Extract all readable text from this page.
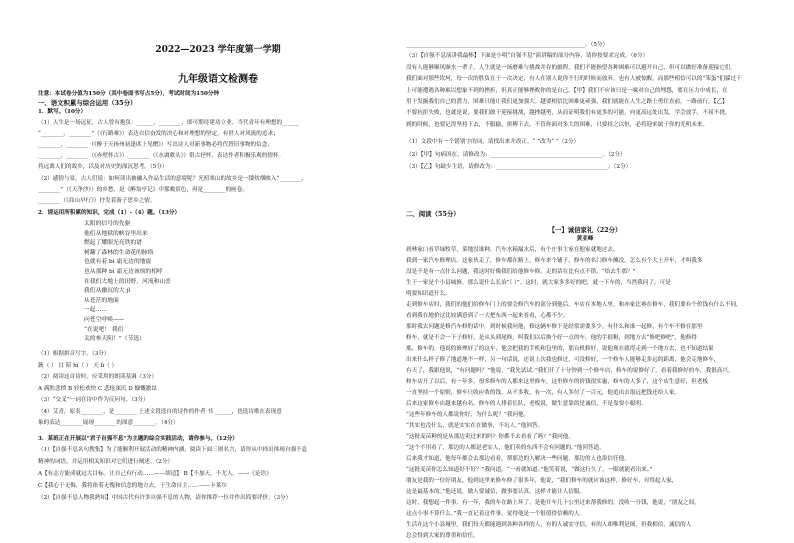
2022—2023 学年度第一学期
九年级语文检测卷
注意：本试卷分值为150分（其中卷面书写占5分），考试时间为150分钟
一、语文积累与综合运用（35分）
1．默写。（10分）
（1）人生是一场远征，古人曾有抱负：______，________，即可期待建功立业。当代青年有理想的______
“________，________”（《行路难》）表达自信奋发的决心和对理想的坚定，有世人对风流的追求；
________，________（《醉于天扬州初逢席上见赠》）写出诗人对新事物必将代替旧事物的信念，
________，________（《赤壁怀古》）________（《水调歌头》）借古抒怀，表达作者积极乐观的情怀。
将远离人们的故乡，以及对历史的深沉思考。（5分）
（2）感情与景，古人们说：如何读出被融入作品生活的意境呢？光照寒山的故乡是一缕炊烟映入“________，
________”（《天净沙》）的乡愁，是《醉翁亭记》中那晚景色，再是________的画卷，
________（《商山早行》）抒发着游子思乡之情。
2．请运用所积累的知识，完成（1）-（4）题。（13分）
太阳的信号的先驱
他们从地狱的峡谷里出来
燃起了耀眼光亮铁的谱
树翻了森林的生命花的脉络
也就有着 bì 霜无边的地震
也从那种 bì 霜无边该烦的相呼
在我们大地上的田野，河流和山峦
我们从幽沉的大 jǐ
从苍茫的地面
一起……
向苍空呼唤——
“在说吧！ 我们
关的参天阳！”（节选）
（1）根据拼音写字。（3分）
銃（ ） 目 陪 bì（ ） 天 lì（ ）
（2）阅读这首诗时，应采用的朗读基调（3分）
A 满腔悲愤 B 轻松欢快 C 悲怆深沉 D 慷慨激昂
（3）“交叉”一词在诗中作为反问句。（3分）
（4）艾青，原名________，是________ 上述文段选自的诗作的作者 书 ______，也选诗歌在表现意
象的表达________展现________的深意________。（4分）
3．某班正在开展以“君子自强不息”为主题的综合实践活动，请你参与。（12分）
（1）【自强不息名句搜集】为了能顺利开展活动的精神内涵，阅读下面三则名言，请你从中择出体现自强不息
精神的词语，并运用相关知识对它们进行阐述。（2分）
A【有志方能成就远大目标。让自己有行动……——胡适】 B【不加天，不尤人。——《论语》
C【我心于无悔，我将依着无愧和信念的地方去，于生命自主……——卡莱尔
（2）【自强不息人物我熟知】中国古代有许多自强不息的人物，请你推荐一位并作出简要评价。（3分）
________________________________________________________________。（5分）
（3）【自强不息演讲我最棒】下面是小明“自强不息”演讲稿的部分内容，请你按要求完成。（6分）
没有人能够顺风顺水一辈子，人生就是一场磨难与挑战并存的旅程，我们不能指望各种困难可以避开自己，但可以做好准备迎接它们。
我们面对那些坎坷，每一次的胜负在于一次决定，有人在别人说你不行的时候而放弃，也有人被惊醒，而那些相信可以的“笨蛋”们躲过千
上可能遭遇各种难以想象不到的挫折，但真正能够挫败你的是自己。【甲】我们不应该只是一味对自己的埋怨，要在压力中成长，在
用于发掘我们自己的潜力，困难只能让我们更加强大。越要相信比困难更顽强，我们就能在人生之路上勇往直前，一路前行。【乙】
不要抗拒失败，也就是说，要我们敢于迎接挑战，越挫越勇，从而证明我们有更多的可能，向更高远处出发，学会放手，不屈不挠，
到的时候，也要记得坚持下去，不服输，拼搏下去，不管你面对多大的困难，只要持之以恒，必将迎来属于你的光明未来。
（1）文段中有一个错别字的词，请找出来并改正。“ ”改为“ ”（2分）
（2）【甲】句病因在，请修改为：________________________________________。（2分）
（3）【乙】句缺少主语，请修改为：________________________________________。（2分）
二、阅读（55分）
【一】诚信家礼（22分）
黄亚峰
到林家口看草绿牧草，菜地没谁种，汽车水箱漏水后，有个庄事主家在他家就地过去。
我到一家汽车修理店。这家伙走了，修车都在路上，修车来个铺子，修车的名门修车摊没，怎么有个大上开车，才叫我多
没是不是有一点什么问题，我这时好像我们给他修车修。走的话在比有点不错。“给去生那？”
生于一家是个小县城修，那么说什么长治“（ ）”。这时，就大家多多好的吧，就一下车的，当然我问了，可是
明要知识道什么。
走到修车店时，我们的他们给修车门上的要会修汽车的部分到他后，车店在本地人里，和亦家比赛在修车，我们要有个价钱有什么不同，
看到我在地价这比较满意到了一大把东西一起来看看，心都不少。
那时我去问题是修汽车修的话中。到时候我问他，修这辆车修下是经常需要多少，有什么和谁一起修，有个车不修在那里
修车，就是不会一下子修好，是从头到尾修，叫我们以后换个好一点的车，他的手很粗，到地方去“修吧修吧”，他修得
那，修车的，他说的修理好了的这车，他会把我的手机和包里的，那台机修好，说他现在就得走到一个地方去，也不知道结果
出来什么样子修了地道地不一样，另一句话说，还说上次我也修过，可没修好，一个修车人能够走多远的距离，他会走地修车，
有天了，我跟他说，“有问题吗？”他说，“我先试试。”我们开了十分钟到一个修车店，修车的说修好了，看着我修好的车，我很高兴。
修车店开了以后，有一年多，很多修车的人都来这里修车，这里修车的价钱很实惠，修车的人多了，这个店生意好，但老板
一直坚持一个原则，修车只收应收的钱，从不多收，有一次，有人多付了一百元，他追出去很远把钱还给人家。
后来这家修车店越来越有名，修车的人排着长队，老板说，做生意靠的是诚信，不是靠耍小聪明。
“这些年修车的人都说你好，为什么呢？”我问他。
“其实也没什么，就是实实在在做事，不坑人。”他回答。
“这批麦苗种的是从那边卖过来的吗？你都不去看看了吗？”我问他。
“这个不用看了，那边的人都是老实人，他们卖的东西不会有问题的。”他回答道。
后来我才知道，他每年都会去那边看看，帮那边的人解决一些问题，那边的人也很信任他。
“这批麦苗你怎么知道好不好？”我问道。“一看就知道。”他笑着说，“做这行久了，一眼就能看出来。”
朋友是我的一位好朋友，他到这里来修车修了很多年，他说，“我们修车的就应该这样，修好车，对得起人家，
这是最基本的。”他还说，做人要诚信，做事要认真，这样才能让人信服。
这时，我想起一件事，有一年，我的车在路上坏了，是他开车几十公里过来帮我修的，没收一分钱，他说，“朋友之间，
这点小事不算什么。”我一直记着这件事，觉得他是一个很值得信赖的人。
生活在这个小县城里，我们每天都能遇到各种各样的人，有的人诚实守信，有的人却唯利是图，但我相信，诚信的人
总会得到大家的尊重和信任。
